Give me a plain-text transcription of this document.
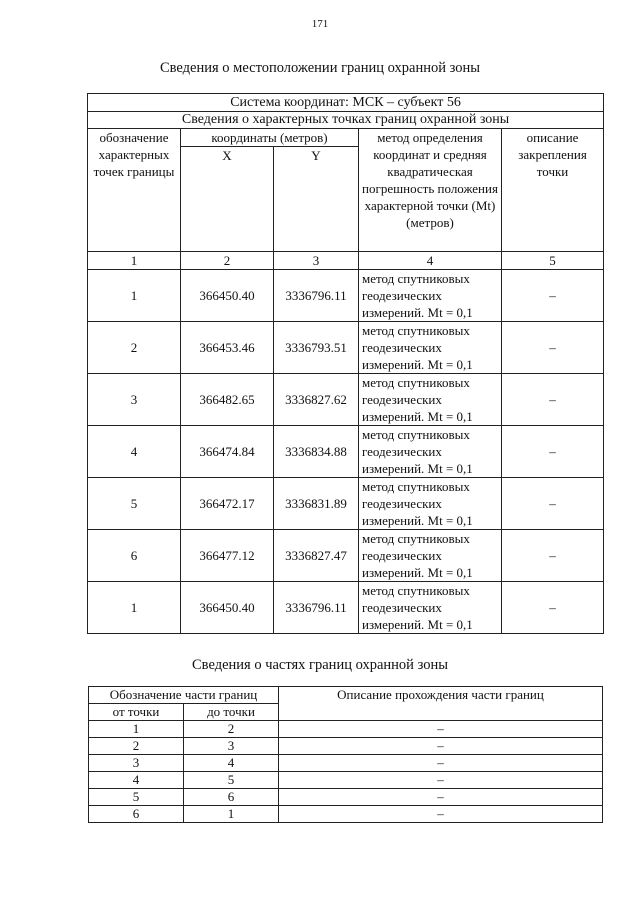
171
Сведения о местоположении границ охранной зоны
Система координат: МСК – субъект 56				
Сведения о характерных точках границ охранной зоны				
обозначение характерных точек границы	координаты (метров)		метод определения координат и средняя квадратическая погрешность положения характерной точки (Mt) (метров)	описание закрепления точки
	X	Y		
1	2	3	4	5
1	366450.40	3336796.11	метод спутниковых геодезических измерений. Mt = 0,1	–
2	366453.46	3336793.51	метод спутниковых геодезических измерений. Mt = 0,1	–
3	366482.65	3336827.62	метод спутниковых геодезических измерений. Mt = 0,1	–
4	366474.84	3336834.88	метод спутниковых геодезических измерений. Mt = 0,1	–
5	366472.17	3336831.89	метод спутниковых геодезических измерений. Mt = 0,1	–
6	366477.12	3336827.47	метод спутниковых геодезических измерений. Mt = 0,1	–
1	366450.40	3336796.11	метод спутниковых геодезических измерений. Mt = 0,1	–
Сведения о частях границ охранной зоны
Обозначение части границ		Описание прохождения части границ
от точки	до точки	
1	2	–
2	3	–
3	4	–
4	5	–
5	6	–
6	1	–
